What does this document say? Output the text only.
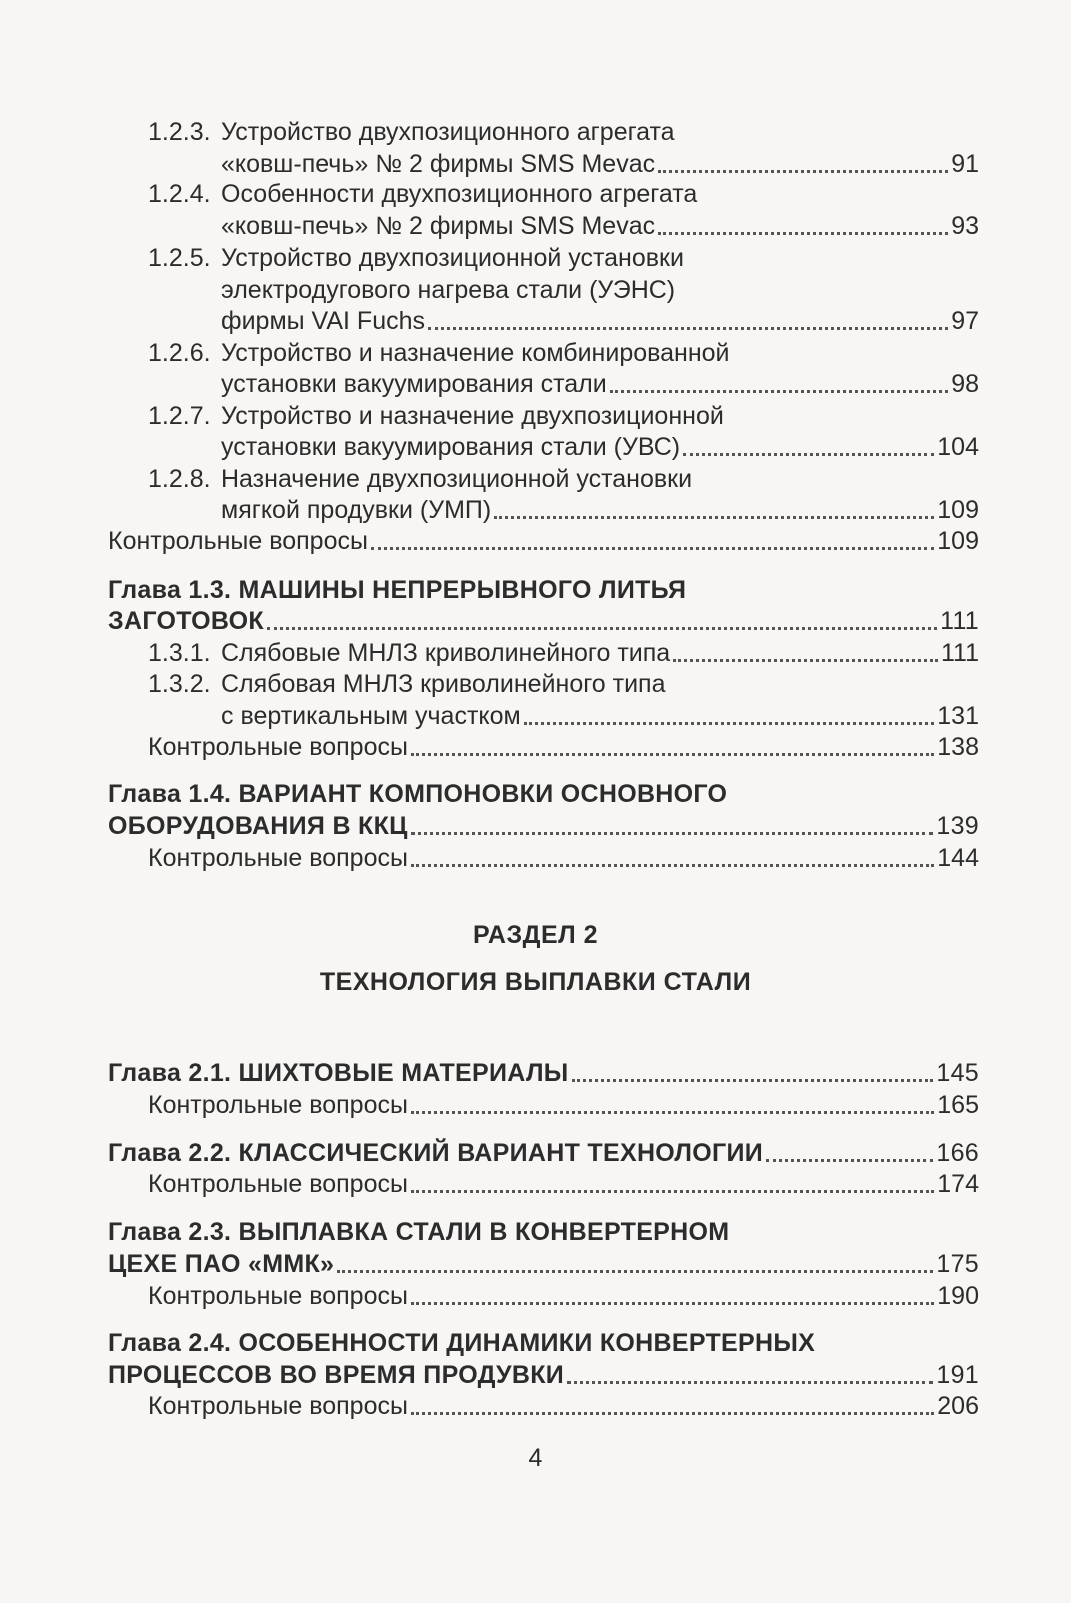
1.2.3. Устройство двухпозиционного агрегата
«ковш-печь» № 2 фирмы SMS Mevac	91
1.2.4. Особенности двухпозиционного агрегата
«ковш-печь» № 2 фирмы SMS Mevac	93
1.2.5. Устройство двухпозиционной установки
электродугового нагрева стали (УЭНС)
фирмы VAI Fuchs	97
1.2.6. Устройство и назначение комбинированной
установки вакуумирования стали	98
1.2.7. Устройство и назначение двухпозиционной
установки вакуумирования стали (УВС)	104
1.2.8. Назначение двухпозиционной установки
мягкой продувки (УМП)	109
Контрольные вопросы	109
Глава 1.3. МАШИНЫ НЕПРЕРЫВНОГО ЛИТЬЯ
ЗАГОТОВОК	111
1.3.1. Слябовые МНЛЗ криволинейного типа	111
1.3.2. Слябовая МНЛЗ криволинейного типа
с вертикальным участком	131
Контрольные вопросы	138
Глава 1.4. ВАРИАНТ КОМПОНОВКИ ОСНОВНОГО
ОБОРУДОВАНИЯ В ККЦ	139
Контрольные вопросы	144
РАЗДЕЛ 2
ТЕХНОЛОГИЯ ВЫПЛАВКИ СТАЛИ
Глава 2.1. ШИХТОВЫЕ МАТЕРИАЛЫ	145
Контрольные вопросы	165
Глава 2.2. КЛАССИЧЕСКИЙ ВАРИАНТ ТЕХНОЛОГИИ	166
Контрольные вопросы	174
Глава 2.3. ВЫПЛАВКА СТАЛИ В КОНВЕРТЕРНОМ
ЦЕХЕ ПАО «ММК»	175
Контрольные вопросы	190
Глава 2.4. ОСОБЕННОСТИ ДИНАМИКИ КОНВЕРТЕРНЫХ
ПРОЦЕССОВ ВО ВРЕМЯ ПРОДУВКИ	191
Контрольные вопросы	206
4
